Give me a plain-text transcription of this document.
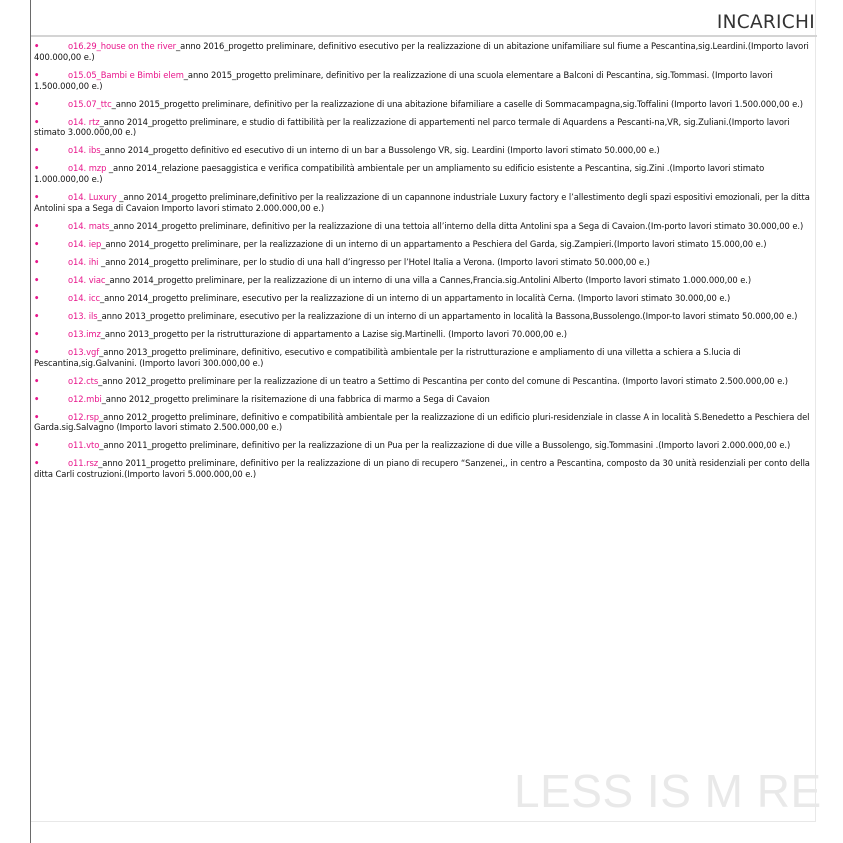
INCARICHI
•	o16.29_house on the river_anno 2016_progetto preliminare, definitivo esecutivo per la realizzazione di un abitazione unifamiliare sul fiume a Pescantina,sig.Leardini.(Importo lavori 400.000,00 e.)
•	o15.05_Bambi e Bimbi elem_anno 2015_progetto preliminare, definitivo per la realizzazione di una scuola elementare a Balconi di Pescantina, sig.Tommasi. (Importo lavori 1.500.000,00 e.)
•	o15.07_ttc_anno 2015_progetto preliminare, definitivo per la realizzazione di una abitazione bifamiliare a caselle di Sommacampagna,sig.Toffalini (Importo lavori 1.500.000,00 e.)
•	o14. rtz_anno 2014_progetto preliminare, e studio di fattibilità per la realizzazione di appartementi nel parco termale di Aquardens a Pescanti-na,VR, sig.Zuliani.(Importo lavori stimato 3.000.000,00 e.)
•	o14. ibs_anno 2014_progetto definitivo ed esecutivo di un interno di un bar a Bussolengo VR, sig. Leardini (Importo lavori stimato 50.000,00 e.)
•	o14. mzp _anno 2014_relazione paesaggistica e verifica compatibilità ambientale per un ampliamento su edificio esistente a Pescantina, sig.Zini .(Importo lavori stimato 1.000.000,00 e.)
•	o14. Luxury _anno 2014_progetto preliminare,definitivo per la realizzazione di un capannone industriale Luxury factory e l’allestimento degli spazi espositivi emozionali, per la ditta Antolini spa a Sega di Cavaion Importo lavori stimato 2.000.000,00 e.)
•	o14. mats_anno 2014_progetto preliminare, definitivo per la realizzazione di una tettoia all’interno della ditta Antolini spa a Sega di Cavaion.(Im-porto lavori stimato 30.000,00 e.)
•	o14. iep_anno 2014_progetto preliminare, per la realizzazione di un interno di un appartamento a Peschiera del Garda, sig.Zampieri.(Importo lavori stimato 15.000,00 e.)
•	o14. ihi _anno 2014_progetto preliminare, per lo studio di una hall d’ingresso per l’Hotel Italia a Verona. (Importo lavori stimato 50.000,00 e.)
•	o14. viac_anno 2014_progetto preliminare, per la realizzazione di un interno di una villa a Cannes,Francia.sig.Antolini Alberto (Importo lavori stimato 1.000.000,00 e.)
•	o14. icc_anno 2014_progetto preliminare, esecutivo per la realizzazione di un interno di un appartamento in località Cerna. (Importo lavori stimato 30.000,00 e.)
•	o13. ils_anno 2013_progetto preliminare, esecutivo per la realizzazione di un interno di un appartamento in località la Bassona,Bussolengo.(Impor-to lavori stimato 50.000,00 e.)
•	o13.imz_anno 2013_progetto per la ristrutturazione di appartamento a Lazise sig.Martinelli. (Importo lavori 70.000,00 e.)
•	o13.vgf_anno 2013_progetto preliminare, definitivo, esecutivo e compatibilità ambientale per la ristrutturazione e ampliamento di una villetta a schiera a S.lucia di Pescantina,sig.Galvanini. (Importo lavori 300.000,00 e.)
•	o12.cts_anno 2012_progetto preliminare per la realizzazione di un teatro a Settimo di Pescantina per conto del comune di Pescantina. (Importo lavori stimato 2.500.000,00 e.)
•	o12.mbi_anno 2012_progetto preliminare la risitemazione di una fabbrica di marmo a Sega di Cavaion
•	o12.rsp_anno 2012_progetto preliminare, definitivo e compatibilità ambientale per la realizzazione di un edificio pluri-residenziale in classe A in località S.Benedetto a Peschiera del Garda.sig.Salvagno (Importo lavori stimato 2.500.000,00 e.)
•	o11.vto_anno 2011_progetto preliminare, definitivo per la realizzazione di un Pua per la realizzazione di due ville a Bussolengo, sig.Tommasini .(Importo lavori 2.000.000,00 e.)
•	o11.rsz_anno 2011_progetto preliminare, definitivo per la realizzazione di un piano di recupero “Sanzenei,, in centro a Pescantina, composto da 30 unità residenziali per conto della ditta Carli costruzioni.(Importo lavori 5.000.000,00 e.)

LESS IS M RE
